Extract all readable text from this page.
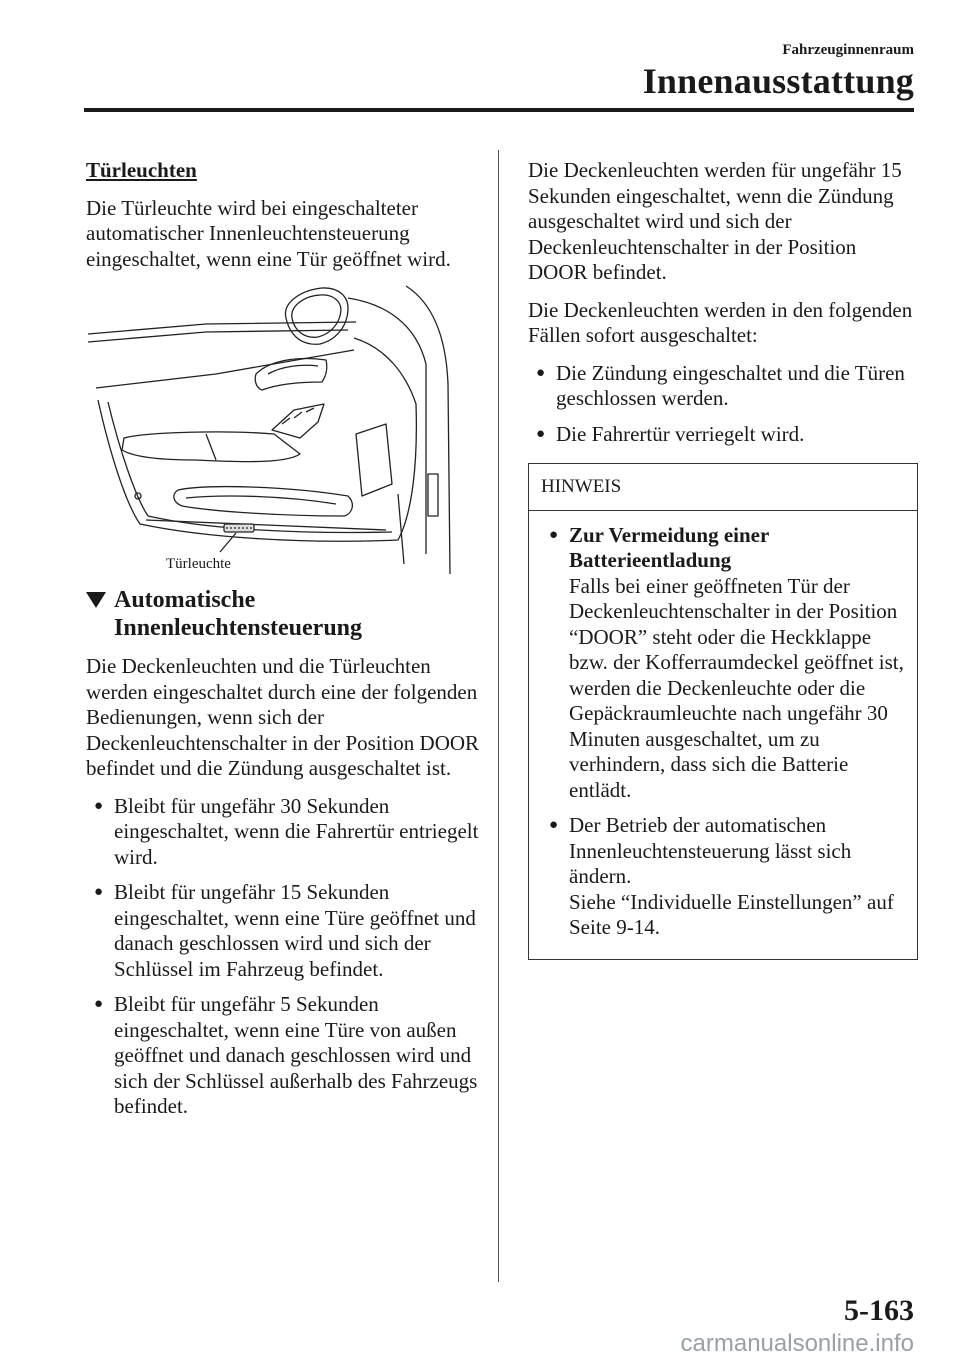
Fahrzeuginnenraum
Innenausstattung

Türleuchten

Die Türleuchte wird bei eingeschalteter automatischer Innenleuchtensteuerung eingeschaltet, wenn eine Tür geöffnet wird.

Türleuchte
Automatische
Innenleuchtensteuerung

Die Deckenleuchten und die Türleuchten werden eingeschaltet durch eine der folgenden Bedienungen, wenn sich der Deckenleuchtenschalter in der Position DOOR befindet und die Zündung ausgeschaltet ist.

● Bleibt für ungefähr 30 Sekunden eingeschaltet, wenn die Fahrertür entriegelt wird.
● Bleibt für ungefähr 15 Sekunden eingeschaltet, wenn eine Türe geöffnet und danach geschlossen wird und sich der Schlüssel im Fahrzeug befindet.
● Bleibt für ungefähr 5 Sekunden eingeschaltet, wenn eine Türe von außen geöffnet und danach geschlossen wird und sich der Schlüssel außerhalb des Fahrzeugs befindet.

Die Deckenleuchten werden für ungefähr 15 Sekunden eingeschaltet, wenn die Zündung ausgeschaltet wird und sich der Deckenleuchtenschalter in der Position DOOR befindet.

Die Deckenleuchten werden in den folgenden Fällen sofort ausgeschaltet:

● Die Zündung eingeschaltet und die Türen geschlossen werden.
● Die Fahrertür verriegelt wird.
HINWEIS
● Zur Vermeidung einer Batterieentladung
Falls bei einer geöffneten Tür der Deckenleuchtenschalter in der Position “DOOR” steht oder die Heckklappe bzw. der Kofferraumdeckel geöffnet ist, werden die Deckenleuchte oder die Gepäckraumleuchte nach ungefähr 30 Minuten ausgeschaltet, um zu verhindern, dass sich die Batterie entlädt.
● Der Betrieb der automatischen Innenleuchtensteuerung lässt sich ändern.
Siehe “Individuelle Einstellungen” auf Seite 9-14.
5-163
carmanualsonline.info
